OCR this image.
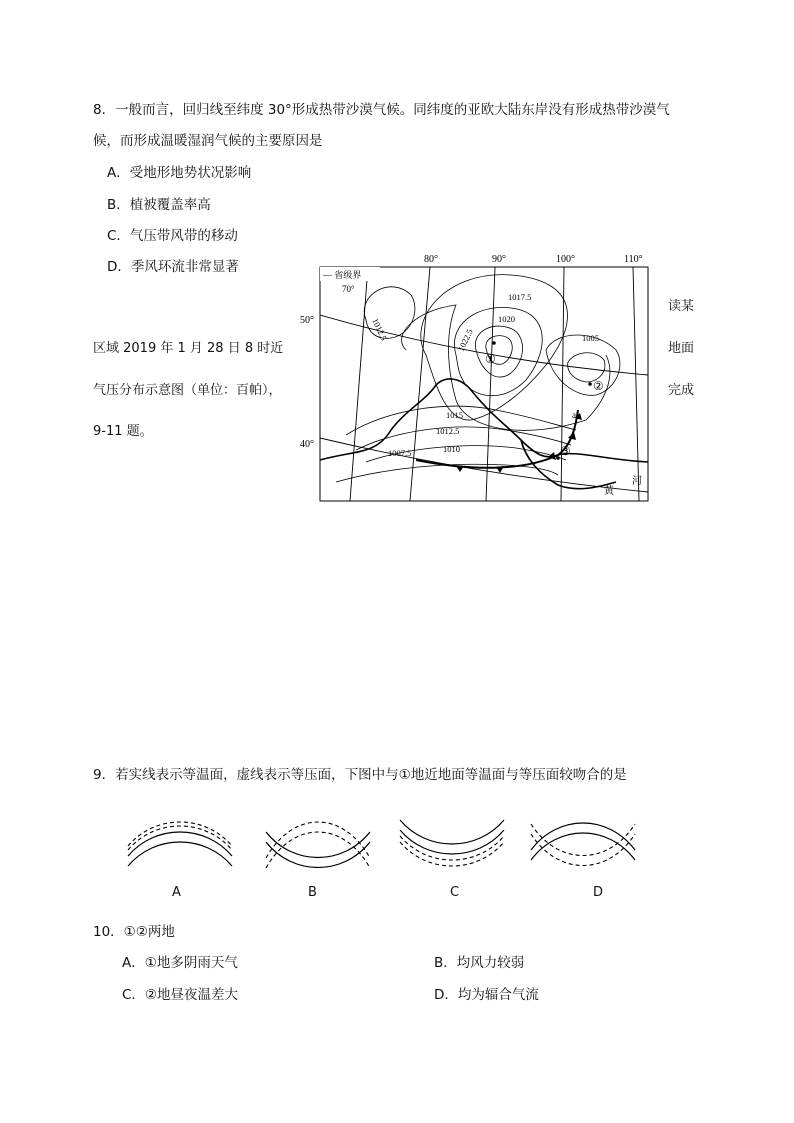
8．一般而言，回归线至纬度 30°形成热带沙漠气候。同纬度的亚欧大陆东岸没有形成热带沙漠气
候，而形成温暖湿润气候的主要原因是
A．受地形地势状况影响
B．植被覆盖率高
C．气压带风带的移动
D．季风环流非常显著
读某
地面
完成
区域 2019 年 1 月 28 日 8 时近
气压分布示意图（单位：百帕），
9-11 题。
80°	90°	100°	110°
50°
40°
— 省级界
70°
1012.5
1017.5
1022.5
1020
1005
1015
1012.5
1010
1007.5
①
②
③
a
黄
河
9．若实线表示等温面，虚线表示等压面，下图中与①地近地面等温面与等压面较吻合的是
A	B	C	D
10．①②两地
A．①地多阴雨天气	B．均风力较弱
C．②地昼夜温差大	D．均为辐合气流
